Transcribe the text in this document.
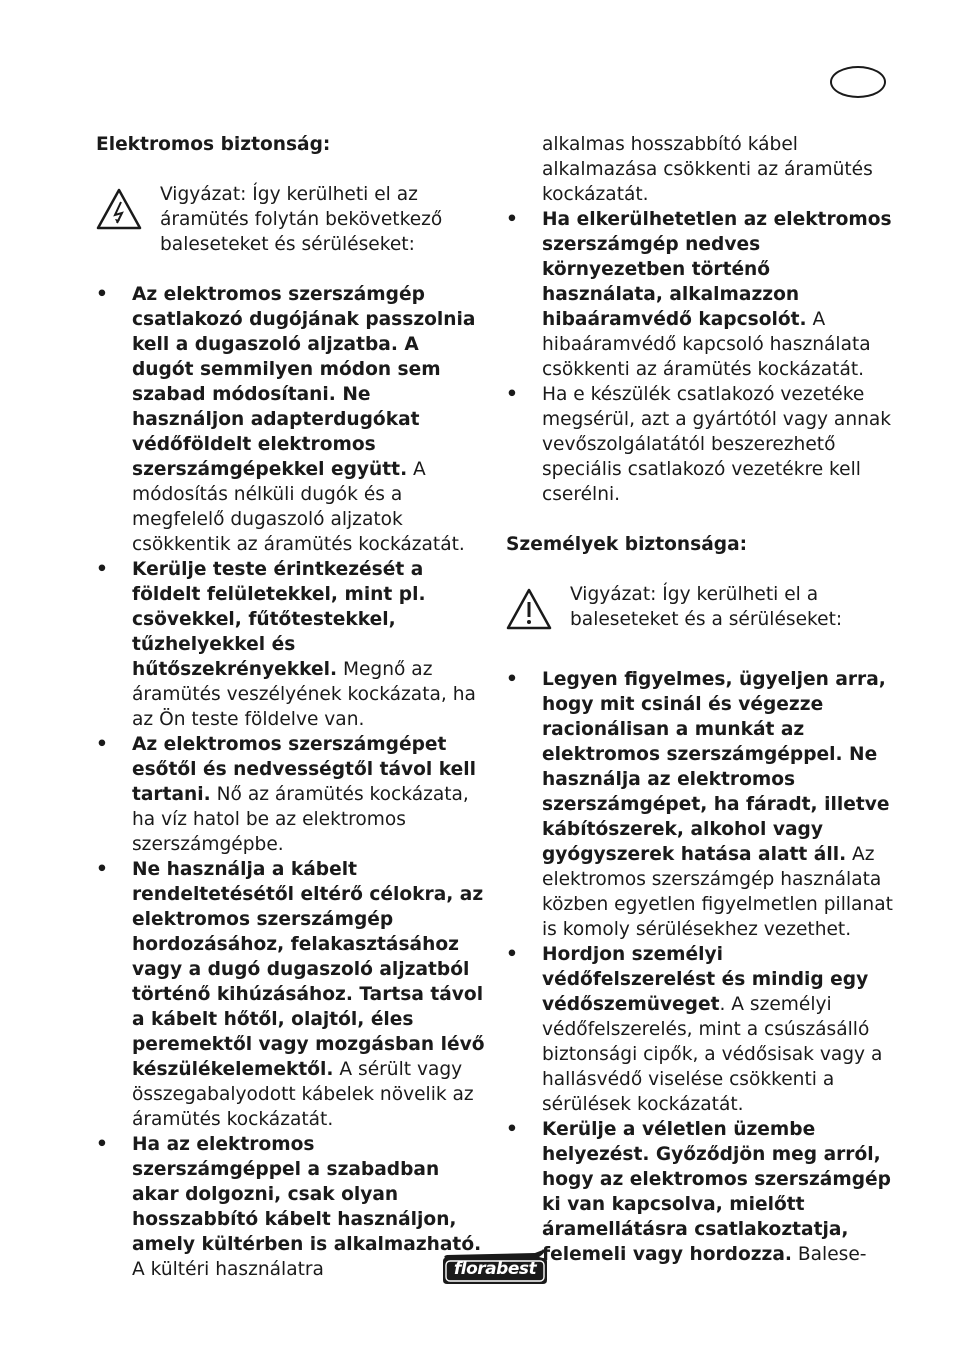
Elektromos biztonság:

Vigyázat: Így kerülheti el az áramütés folytán bekövetkező baleseteket és sérüléseket:
• Az elektromos szerszámgép csatlakozó dugójának passzolnia kell a dugaszoló aljzatba. A dugót semmilyen módon sem szabad módosítani. Ne használjon adapterdugókat védőföldelt elektromos szerszámgépekkel együtt. A módosítás nélküli dugók és a megfelelő dugaszoló aljzatok csökkentik az áramütés kockázatát.
• Kerülje teste érintkezését a földelt felületekkel, mint pl. csövekkel, fűtőtestekkel, tűzhelyekkel és hűtőszekrényekkel. Megnő az áramütés veszélyének kockázata, ha az Ön teste földelve van.
• Az elektromos szerszámgépet esőtől és nedvességtől távol kell tartani. Nő az áramütés kockázata, ha víz hatol be az elektromos szerszámgépbe.
• Ne használja a kábelt rendeltetésétől eltérő célokra, az elektromos szerszámgép hordozásához, felakasztásához vagy a dugó dugaszoló aljzatból történő kihúzásához. Tartsa távol a kábelt hőtől, olajtól, éles peremektől vagy mozgásban lévő készülékelemektől. A sérült vagy összegabalyodott kábelek növelik az áramütés kockázatát.
• Ha az elektromos szerszámgéppel a szabadban akar dolgozni, csak olyan hosszabbító kábelt használjon, amely kültérben is alkalmazható. A kültéri használatra
alkalmas hosszabbító kábel alkalmazása csökkenti az áramütés kockázatát.
• Ha elkerülhetetlen az elektromos szerszámgép nedves környezetben történő használata, alkalmazzon hibaáramvédő kapcsolót. A hibaáramvédő kapcsoló használata csökkenti az áramütés kockázatát.
• Ha e készülék csatlakozó vezetéke megsérül, azt a gyártótól vagy annak vevőszolgálatától beszerezhető speciális csatlakozó vezetékre kell cserélni.

Személyek biztonsága:

Vigyázat: Így kerülheti el a baleseteket és a sérüléseket:
• Legyen figyelmes, ügyeljen arra, hogy mit csinál és végezze racionálisan a munkát az elektromos szerszámgéppel. Ne használja az elektromos szerszámgépet, ha fáradt, illetve kábítószerek, alkohol vagy gyógyszerek hatása alatt áll. Az elektromos szerszámgép használata közben egyetlen figyelmetlen pillanat is komoly sérülésekhez vezethet.
• Hordjon személyi védőfelszerelést és mindig egy védőszemüveget. A személyi védőfelszerelés, mint a csúszásálló biztonsági cipők, a védősisak vagy a hallásvédő viselése csökkenti a sérülések kockázatát.
• Kerülje a véletlen üzembe helyezést. Győződjön meg arról, hogy az elektromos szerszámgép ki van kapcsolva, mielőtt áramellátásra csatlakoztatja, felemeli vagy hordozza. Balese-
florabest
